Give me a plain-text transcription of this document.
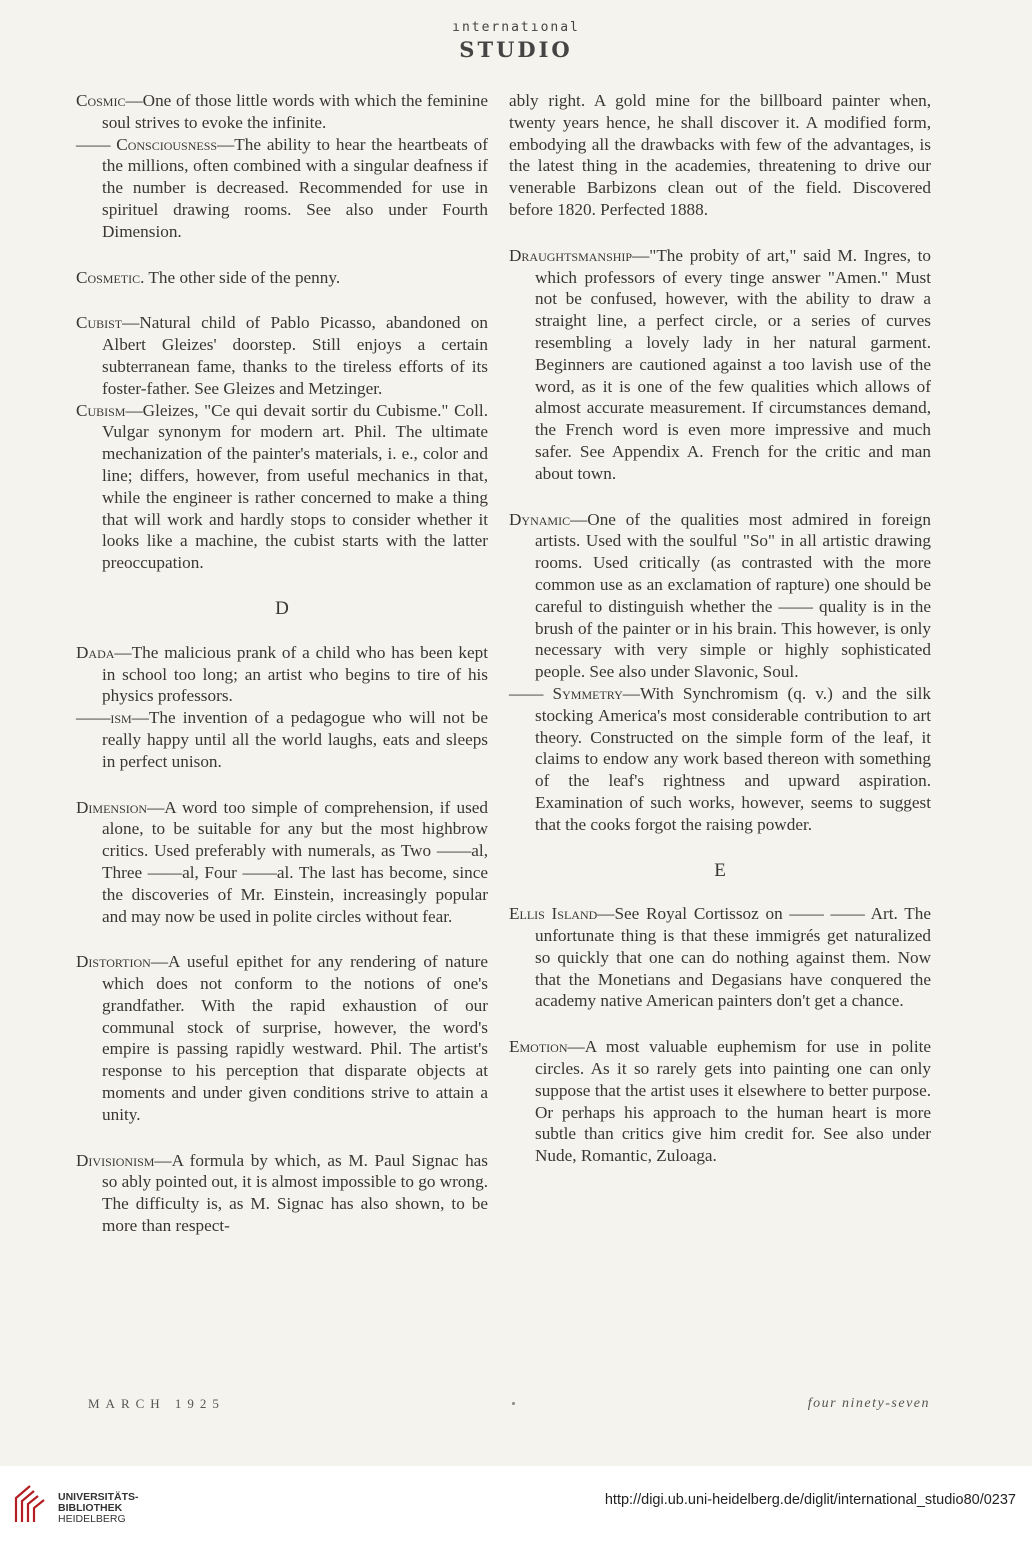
ınternatıonal
STUDIO
Cosmic—One of those little words with which the feminine soul strives to evoke the infinite.
—— Consciousness—The ability to hear the heartbeats of the millions, often combined with a singular deafness if the number is decreased. Recommended for use in spirituel drawing rooms. See also under Fourth Dimension.
Cosmetic. The other side of the penny.
Cubist—Natural child of Pablo Picasso, abandoned on Albert Gleizes' doorstep. Still enjoys a certain subterranean fame, thanks to the tireless efforts of its foster-father. See Gleizes and Metzinger.
Cubism—Gleizes, "Ce qui devait sortir du Cubisme." Coll. Vulgar synonym for modern art. Phil. The ultimate mechanization of the painter's materials, i. e., color and line; differs, however, from useful mechanics in that, while the engineer is rather concerned to make a thing that will work and hardly stops to consider whether it looks like a machine, the cubist starts with the latter preoccupation.
D
Dada—The malicious prank of a child who has been kept in school too long; an artist who begins to tire of his physics professors.
——ism—The invention of a pedagogue who will not be really happy until all the world laughs, eats and sleeps in perfect unison.
Dimension—A word too simple of comprehension, if used alone, to be suitable for any but the most highbrow critics. Used preferably with numerals, as Two ——al, Three ——al, Four ——al. The last has become, since the discoveries of Mr. Einstein, increasingly popular and may now be used in polite circles without fear.
Distortion—A useful epithet for any rendering of nature which does not conform to the notions of one's grandfather. With the rapid exhaustion of our communal stock of surprise, however, the word's empire is passing rapidly westward. Phil. The artist's response to his perception that disparate objects at moments and under given conditions strive to attain a unity.
Divisionism—A formula by which, as M. Paul Signac has so ably pointed out, it is almost impossible to go wrong. The difficulty is, as M. Signac has also shown, to be more than respect-
ably right. A gold mine for the billboard painter when, twenty years hence, he shall discover it. A modified form, embodying all the drawbacks with few of the advantages, is the latest thing in the academies, threatening to drive our venerable Barbizons clean out of the field. Discovered before 1820. Perfected 1888.
Draughtsmanship—"The probity of art," said M. Ingres, to which professors of every tinge answer "Amen." Must not be confused, however, with the ability to draw a straight line, a perfect circle, or a series of curves resembling a lovely lady in her natural garment. Beginners are cautioned against a too lavish use of the word, as it is one of the few qualities which allows of almost accurate measurement. If circumstances demand, the French word is even more impressive and much safer. See Appendix A. French for the critic and man about town.
Dynamic—One of the qualities most admired in foreign artists. Used with the soulful "So" in all artistic drawing rooms. Used critically (as contrasted with the more common use as an exclamation of rapture) one should be careful to distinguish whether the —— quality is in the brush of the painter or in his brain. This however, is only necessary with very simple or highly sophisticated people. See also under Slavonic, Soul.
—— Symmetry—With Synchromism (q. v.) and the silk stocking America's most considerable contribution to art theory. Constructed on the simple form of the leaf, it claims to endow any work based thereon with something of the leaf's rightness and upward aspiration. Examination of such works, however, seems to suggest that the cooks forgot the raising powder.
E
Ellis Island—See Royal Cortissoz on —— —— Art. The unfortunate thing is that these immigrés get naturalized so quickly that one can do nothing against them. Now that the Monetians and Degasians have conquered the academy native American painters don't get a chance.
Emotion—A most valuable euphemism for use in polite circles. As it so rarely gets into painting one can only suppose that the artist uses it elsewhere to better purpose. Or perhaps his approach to the human heart is more subtle than critics give him credit for. See also under Nude, Romantic, Zuloaga.
MARCH 1925	four ninety-seven
UNIVERSITÄTS-
BIBLIOTHEK
HEIDELBERG
http://digi.ub.uni-heidelberg.de/diglit/international_studio80/0237
